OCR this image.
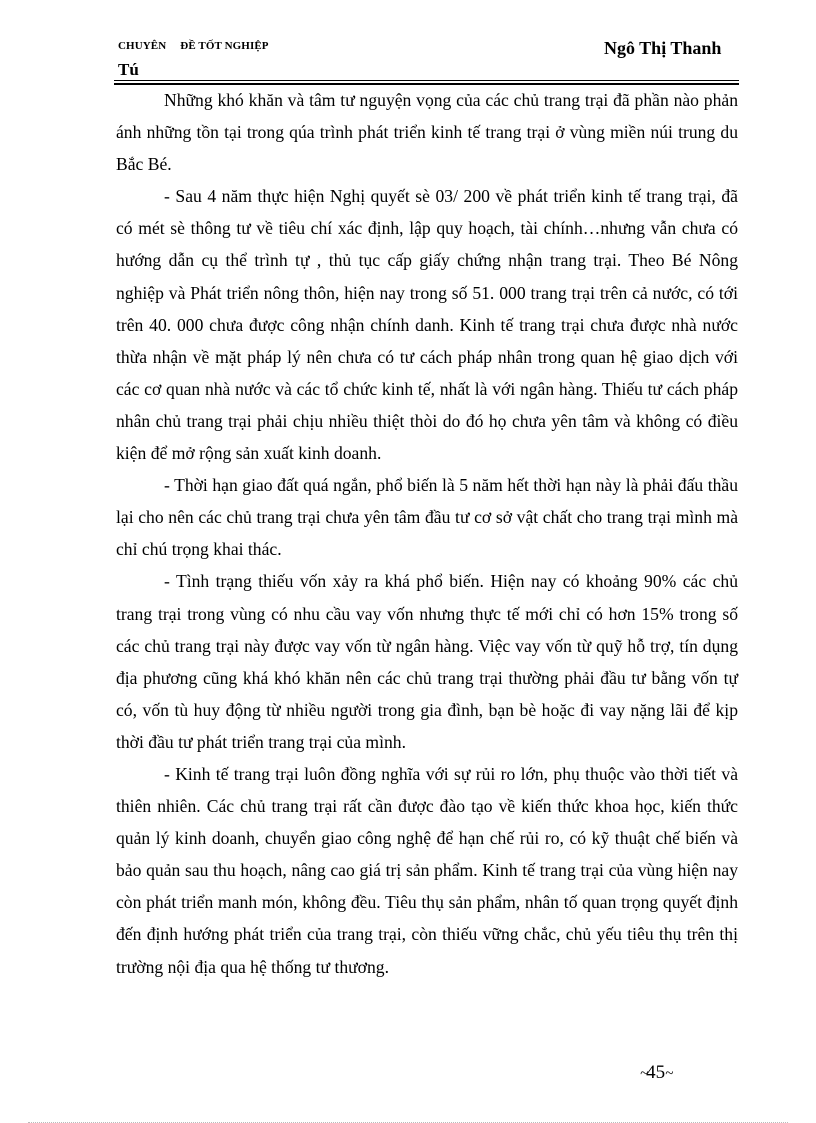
CHUYÊN ĐỀ TỐT NGHIỆP	Ngô Thị Thanh
Tú

Những khó khăn và tâm tư nguyện vọng của các chủ trang trại đã phần nào phản ánh những tồn tại trong qúa trình phát triển kinh tế trang trại ở vùng miền núi trung du Bắc Bé.

- Sau 4 năm thực hiện Nghị quyết sè 03/ 200 về phát triển kinh tế trang trại, đã có mét sè thông tư về tiêu chí xác định, lập quy hoạch, tài chính…nhưng vẫn chưa có hướng dẫn cụ thể trình tự , thủ tục cấp giấy chứng nhận trang trại. Theo Bé Nông nghiệp và Phát triển nông thôn, hiện nay trong số 51. 000 trang trại trên cả nước, có tới trên 40. 000 chưa được công nhận chính danh. Kinh tế trang trại chưa được nhà nước thừa nhận về mặt pháp lý nên chưa có tư cách pháp nhân trong quan hệ giao dịch với các cơ quan nhà nước và các tổ chức kinh tế, nhất là với ngân hàng. Thiếu tư cách pháp nhân chủ trang trại phải chịu nhiều thiệt thòi do đó họ chưa yên tâm và không có điều kiện để mở rộng sản xuất kinh doanh.

- Thời hạn giao đất quá ngắn, phổ biến là 5 năm hết thời hạn này là phải đấu thầu lại cho nên các chủ trang trại chưa yên tâm đầu tư cơ sở vật chất cho trang trại mình mà chỉ chú trọng khai thác.

- Tình trạng thiếu vốn xảy ra khá phổ biến. Hiện nay có khoảng 90% các chủ trang trại trong vùng có nhu cầu vay vốn nhưng thực tế mới chỉ có hơn 15% trong số các chủ trang trại này được vay vốn từ ngân hàng. Việc vay vốn từ quỹ hỗ trợ, tín dụng địa phương cũng khá khó khăn nên các chủ trang trại thường phải đầu tư bằng vốn tự có, vốn tù huy động từ nhiều người trong gia đình, bạn bè hoặc đi vay nặng lãi để kịp thời đầu tư phát triển trang trại của mình.

- Kinh tế trang trại luôn đồng nghĩa với sự rủi ro lớn, phụ thuộc vào thời tiết và thiên nhiên. Các chủ trang trại rất cần được đào tạo về kiến thức khoa học, kiến thức quản lý kinh doanh, chuyển giao công nghệ để hạn chế rủi ro, có kỹ thuật chế biến và bảo quản sau thu hoạch, nâng cao giá trị sản phẩm. Kinh tế trang trại của vùng hiện nay còn phát triển manh món, không đều. Tiêu thụ sản phẩm, nhân tố quan trọng quyết định đến định hướng phát triển của trang trại, còn thiếu vững chắc, chủ yếu tiêu thụ trên thị trường nội địa qua hệ thống tư thương.

~45~
